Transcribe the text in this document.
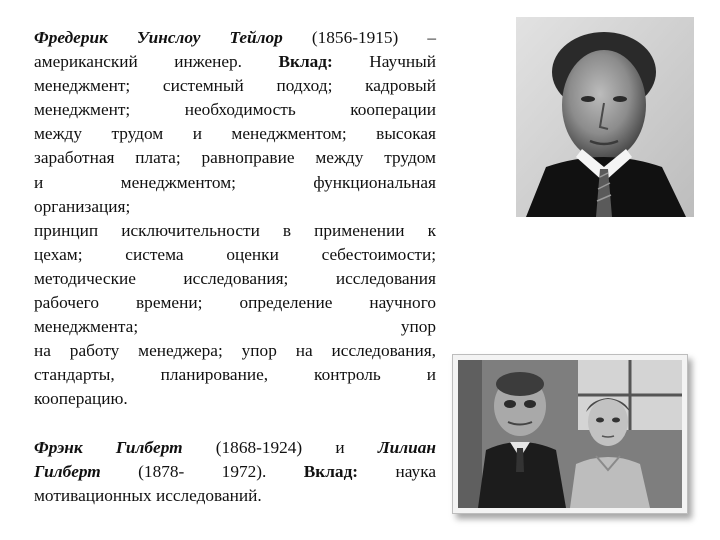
Фредерик Уинслоу Тейлор (1856-1915) –
американский инженер. Вклад: Научный
менеджмент; системный подход; кадровый
менеджмент; необходимость кооперации
между трудом и менеджментом; высокая
заработная плата; равноправие между трудом
и менеджментом; функциональная
организация;
принцип исключительности в применении к
цехам; система оценки себестоимости;
методические исследования; исследования
рабочего времени; определение научного
менеджмента; упор
на работу менеджера; упор на исследования,
стандарты, планирование, контроль и
кооперацию.
Фрэнк Гилберт (1868-1924) и Лилиан
Гилберт (1878- 1972). Вклад: наука
мотивационных исследований.
